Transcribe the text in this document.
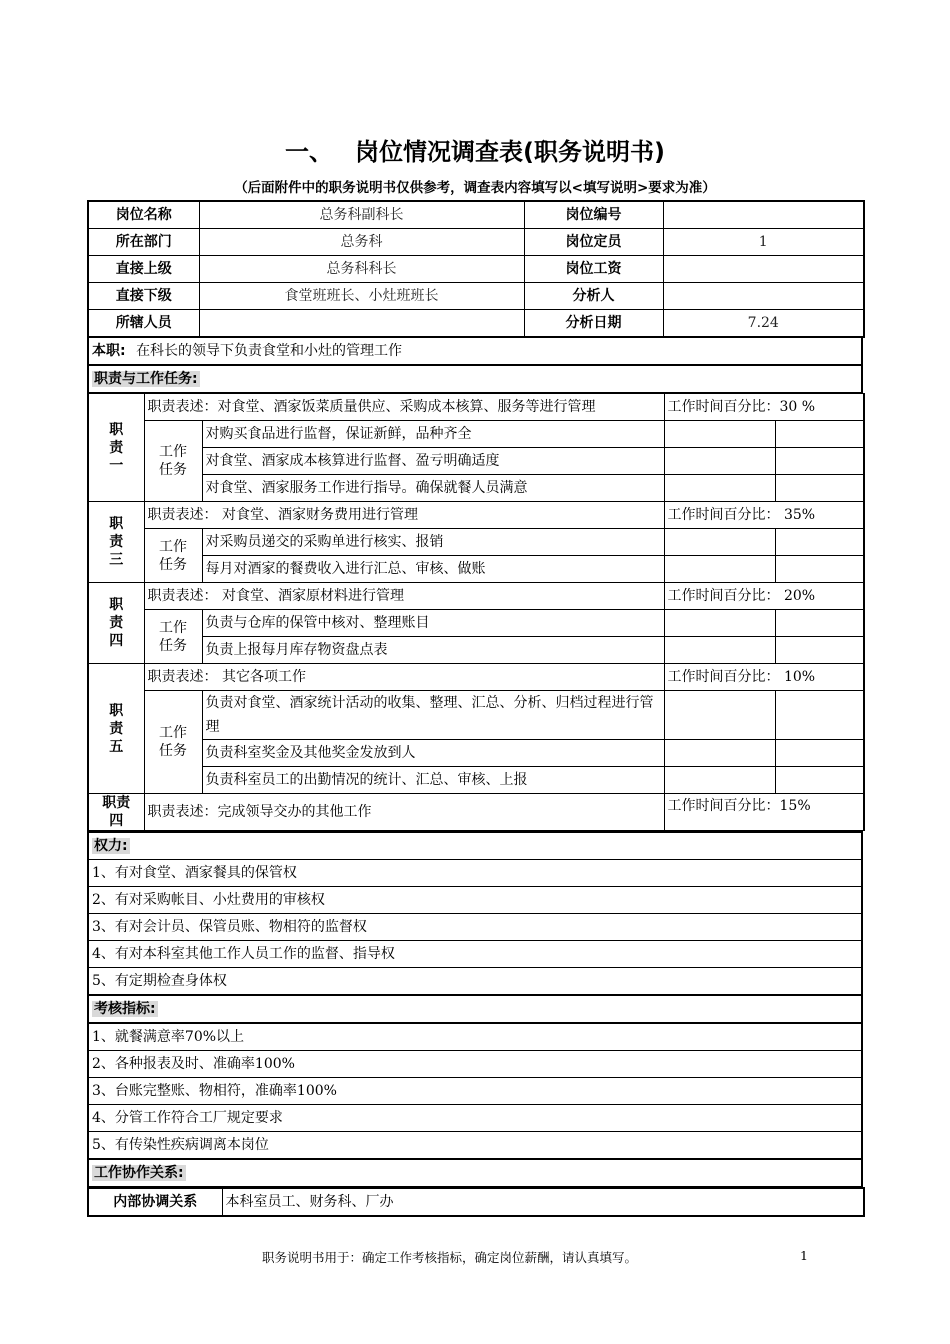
一、 岗位情况调查表(职务说明书)
（后面附件中的职务说明书仅供参考，调查表内容填写以<填写说明>要求为准）
岗位名称	总务科副科长	岗位编号	
所在部门	总务科	岗位定员	1
直接上级	总务科科长	岗位工资	
直接下级	食堂班班长、小灶班班长	分析人	
所辖人员		分析日期	7.24
本职: 在科长的领导下负责食堂和小灶的管理工作
职责与工作任务:
职责一	职责表述：对食堂、酒家饭菜质量供应、采购成本核算、服务等进行管理		工作时间百分比：30 %	
	工作任务	对购买食品进行监督，保证新鲜，品种齐全		
		对食堂、酒家成本核算进行监督、盈亏明确适度		
		对食堂、酒家服务工作进行指导。确保就餐人员满意		
职责三	职责表述： 对食堂、酒家财务费用进行管理		工作时间百分比： 35%	
	工作任务	对采购员递交的采购单进行核实、报销		
		每月对酒家的餐费收入进行汇总、审核、做账		
职责四	职责表述： 对食堂、酒家原材料进行管理		工作时间百分比： 20%	
	工作任务	负责与仓库的保管中核对、整理账目		
		负责上报每月库存物资盘点表		
职责五	职责表述： 其它各项工作		工作时间百分比： 10%	
	工作任务	负责对食堂、酒家统计活动的收集、整理、汇总、分析、归档过程进行管理		
		负责科室奖金及其他奖金发放到人		
		负责科室员工的出勤情况的统计、汇总、审核、上报		
职责四	职责表述：完成领导交办的其他工作		工作时间百分比：15%	
权力:
1、有对食堂、酒家餐具的保管权
2、有对采购帐目、小灶费用的审核权
3、有对会计员、保管员账、物相符的监督权
4、有对本科室其他工作人员工作的监督、指导权
5、有定期检查身体权
考核指标:
1、就餐满意率70%以上
2、各种报表及时、准确率100%
3、台账完整账、物相符，准确率100%
4、分管工作符合工厂规定要求
5、有传染性疾病调离本岗位
工作协作关系:
内部协调关系	本科室员工、财务科、厂办
职务说明书用于：确定工作考核指标，确定岗位薪酬，请认真填写。	1
